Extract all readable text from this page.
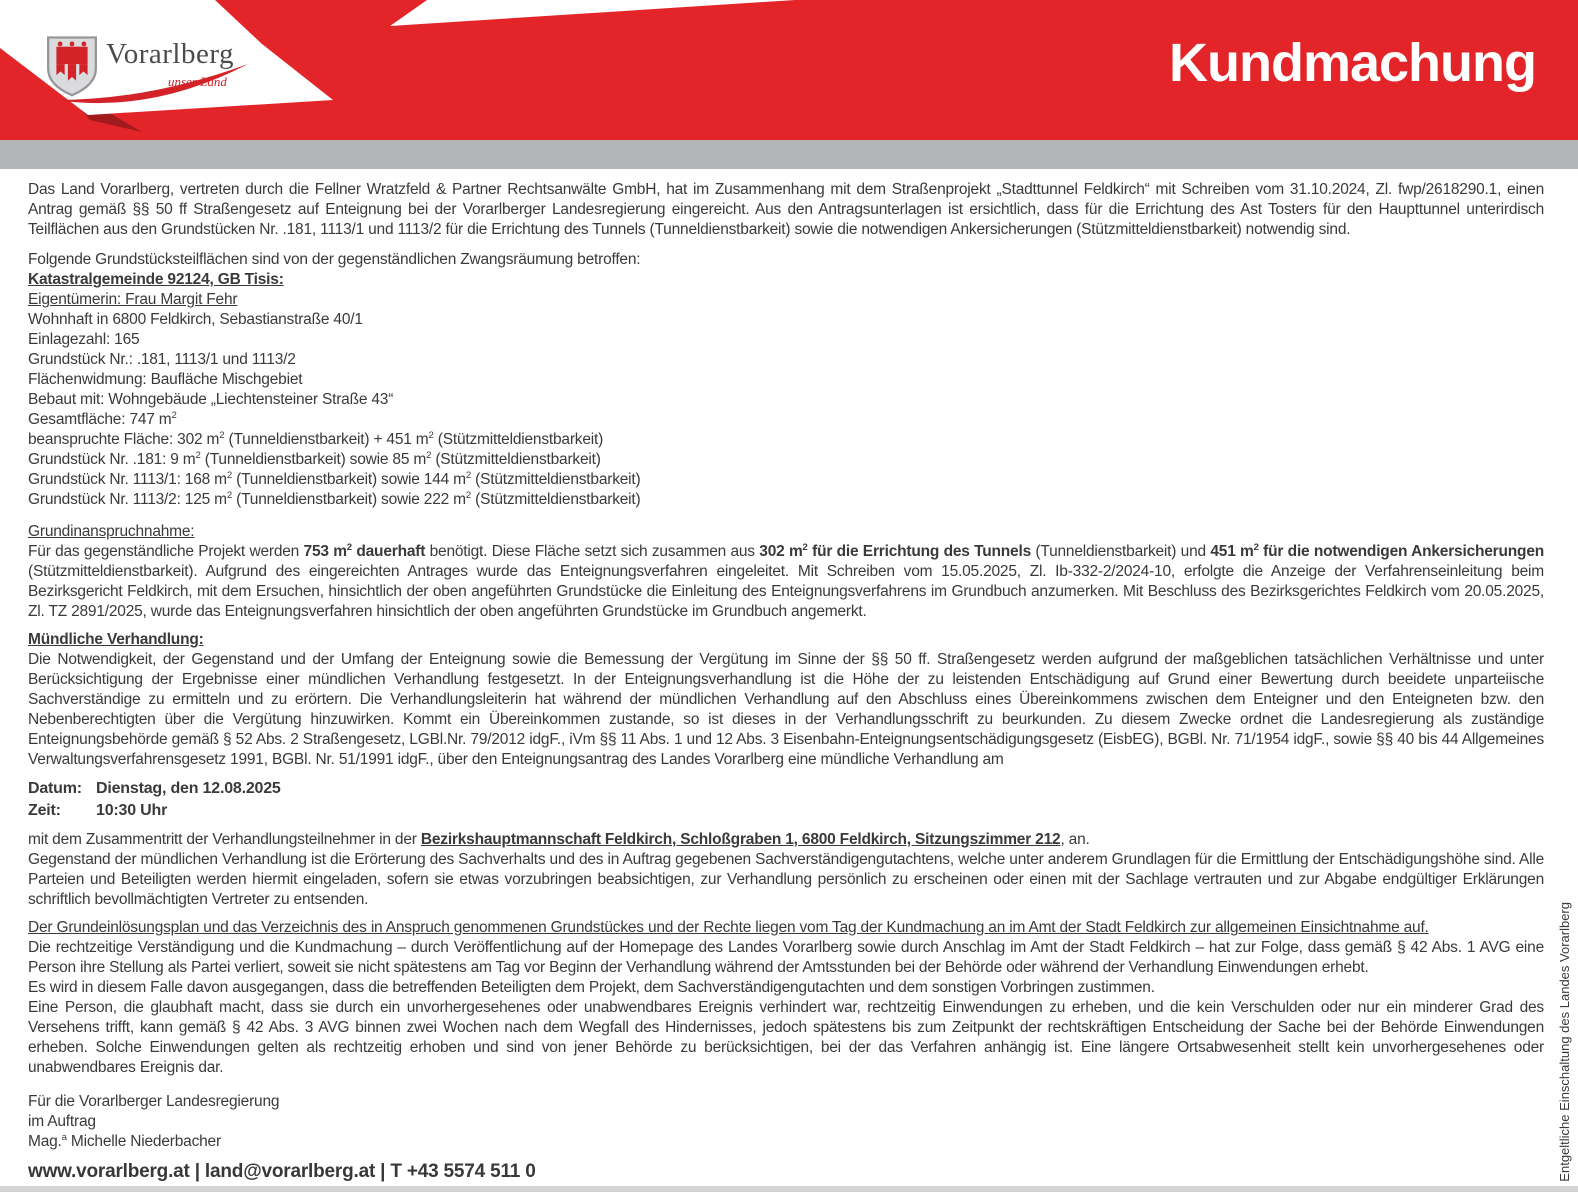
Vorarlberg
unser Land	Kundmachung

Das Land Vorarlberg, vertreten durch die Fellner Wratzfeld & Partner Rechtsanwälte GmbH, hat im Zusammenhang mit dem Straßenprojekt „Stadttunnel Feldkirch“ mit Schreiben vom 31.10.2024, Zl. fwp/2618290.1, einen Antrag gemäß §§ 50 ff Straßengesetz auf Enteignung bei der Vorarlberger Landesregierung eingereicht. Aus den Antragsunterlagen ist ersichtlich, dass für die Errichtung des Ast Tosters für den Haupttunnel unterirdisch Teilflächen aus den Grundstücken Nr. .181, 1113/1 und 1113/2 für die Errichtung des Tunnels (Tunneldienstbarkeit) sowie die notwendigen Ankersicherungen (Stützmitteldienstbarkeit) notwendig sind.

Folgende Grundstücksteilflächen sind von der gegenständlichen Zwangsräumung betroffen:
Katastralgemeinde 92124, GB Tisis:
Eigentümerin: Frau Margit Fehr
Wohnhaft in 6800 Feldkirch, Sebastianstraße 40/1
Einlagezahl: 165
Grundstück Nr.: .181, 1113/1 und 1113/2
Flächenwidmung: Baufläche Mischgebiet
Bebaut mit: Wohngebäude „Liechtensteiner Straße 43“
Gesamtfläche: 747 $m^2$
beanspruchte Fläche: 302 $m^2$ (Tunneldienstbarkeit) + 451 $m^2$ (Stützmitteldienstbarkeit)
Grundstück Nr. .181: 9 $m^2$ (Tunneldienstbarkeit) sowie 85 $m^2$ (Stützmitteldienstbarkeit)
Grundstück Nr. 1113/1: 168 $m^2$ (Tunneldienstbarkeit) sowie 144 $m^2$ (Stützmitteldienstbarkeit)
Grundstück Nr. 1113/2: 125 $m^2$ (Tunneldienstbarkeit) sowie 222 $m^2$ (Stützmitteldienstbarkeit)
Grundinanspruchnahme:

Für das gegenständliche Projekt werden 753 $m^2$ dauerhaft benötigt. Diese Fläche setzt sich zusammen aus 302 $m^2$ für die Errichtung des Tunnels (Tunneldienstbarkeit) und 451 $m^2$ für die notwendigen Ankersicherungen (Stützmitteldienstbarkeit). Aufgrund des eingereichten Antrages wurde das Enteignungsverfahren eingeleitet. Mit Schreiben vom 15.05.2025, Zl. Ib-332-2/2024-10, erfolgte die Anzeige der Verfahrenseinleitung beim Bezirksgericht Feldkirch, mit dem Ersuchen, hinsichtlich der oben angeführten Grundstücke die Einleitung des Enteignungsverfahrens im Grundbuch anzumerken. Mit Beschluss des Bezirksgerichtes Feldkirch vom 20.05.2025, Zl. TZ 2891/2025, wurde das Enteignungsverfahren hinsichtlich der oben angeführten Grundstücke im Grundbuch angemerkt.

Mündliche Verhandlung:

Die Notwendigkeit, der Gegenstand und der Umfang der Enteignung sowie die Bemessung der Vergütung im Sinne der §§ 50 ff. Straßengesetz werden aufgrund der maßgeblichen tatsächlichen Verhältnisse und unter Berücksichtigung der Ergebnisse einer mündlichen Verhandlung festgesetzt. In der Enteignungsverhandlung ist die Höhe der zu leistenden Entschädigung auf Grund einer Bewertung durch beeidete unparteiische Sachverständige zu ermitteln und zu erörtern. Die Verhandlungsleiterin hat während der mündlichen Verhandlung auf den Abschluss eines Übereinkommens zwischen dem Enteigner und den Enteigneten bzw. den Nebenberechtigten über die Vergütung hinzuwirken. Kommt ein Übereinkommen zustande, so ist dieses in der Verhandlungsschrift zu beurkunden. Zu diesem Zwecke ordnet die Landesregierung als zuständige Enteignungsbehörde gemäß § 52 Abs. 2 Straßengesetz, LGBl.Nr. 79/2012 idgF., iVm §§ 11 Abs. 1 und 12 Abs. 3 Eisenbahn-Enteignungsentschädigungsgesetz (EisbEG), BGBl. Nr. 71/1954 idgF., sowie §§ 40 bis 44 Allgemeines Verwaltungsverfahrensgesetz 1991, BGBl. Nr. 51/1991 idgF., über den Enteignungsantrag des Landes Vorarlberg eine mündliche Verhandlung am

Datum: Dienstag, den 12.08.2025
Zeit:	10:30 Uhr
mit dem Zusammentritt der Verhandlungsteilnehmer in der Bezirkshauptmannschaft Feldkirch, Schloßgraben 1, 6800 Feldkirch, Sitzungszimmer 212, an.

Gegenstand der mündlichen Verhandlung ist die Erörterung des Sachverhalts und des in Auftrag gegebenen Sachverständigengutachtens, welche unter anderem Grundlagen für die Ermittlung der Entschädigungshöhe sind. Alle Parteien und Beteiligten werden hiermit eingeladen, sofern sie etwas vorzubringen beabsichtigen, zur Verhandlung persönlich zu erscheinen oder einen mit der Sachlage vertrauten und zur Abgabe endgültiger Erklärungen schriftlich bevollmächtigten Vertreter zu entsenden.

Der Grundeinlösungsplan und das Verzeichnis des in Anspruch genommenen Grundstückes und der Rechte liegen vom Tag der Kundmachung an im Amt der Stadt Feldkirch zur allgemeinen Einsichtnahme auf.

Die rechtzeitige Verständigung und die Kundmachung – durch Veröffentlichung auf der Homepage des Landes Vorarlberg sowie durch Anschlag im Amt der Stadt Feldkirch – hat zur Folge, dass gemäß § 42 Abs. 1 AVG eine Person ihre Stellung als Partei verliert, soweit sie nicht spätestens am Tag vor Beginn der Verhandlung während der Amtsstunden bei der Behörde oder während der Verhandlung Einwendungen erhebt.

Es wird in diesem Falle davon ausgegangen, dass die betreffenden Beteiligten dem Projekt, dem Sachverständigengutachten und dem sonstigen Vorbringen zustimmen.

Eine Person, die glaubhaft macht, dass sie durch ein unvorhergesehenes oder unabwendbares Ereignis verhindert war, rechtzeitig Einwendungen zu erheben, und die kein Verschulden oder nur ein minderer Grad des Versehens trifft, kann gemäß § 42 Abs. 3 AVG binnen zwei Wochen nach dem Wegfall des Hindernisses, jedoch spätestens bis zum Zeitpunkt der rechtskräftigen Entscheidung der Sache bei der Behörde Einwendungen erheben. Solche Einwendungen gelten als rechtzeitig erhoben und sind von jener Behörde zu berücksichtigen, bei der das Verfahren anhängig ist. Eine längere Ortsabwesenheit stellt kein unvorhergesehenes oder unabwendbares Ereignis dar.

Für die Vorarlberger Landesregierung
im Auftrag
Mag.$^a$ Michelle Niederbacher
www.vorarlberg.at | land@vorarlberg.at | T +43 5574 511 0	Entgeltliche Einschaltung des Landes Vorarlberg
